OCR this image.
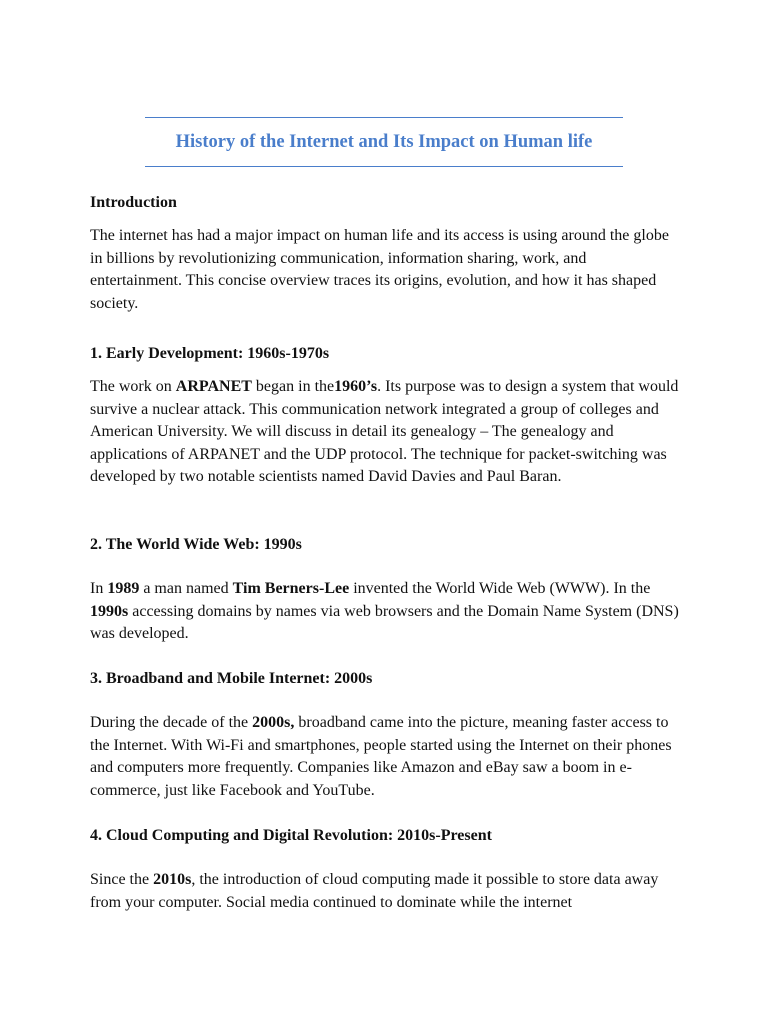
History of the Internet and Its Impact on Human life
Introduction

The internet has had a major impact on human life and its access is using around the globe in billions by revolutionizing communication, information sharing, work, and entertainment. This concise overview traces its origins, evolution, and how it has shaped society.

1. Early Development: 1960s-1970s

The work on ARPANET began in the1960’s. Its purpose was to design a system that would survive a nuclear attack. This communication network integrated a group of colleges and American University. We will discuss in detail its genealogy – The genealogy and applications of ARPANET and the UDP protocol. The technique for packet-switching was developed by two notable scientists named David Davies and Paul Baran.

2. The World Wide Web: 1990s

In 1989 a man named Tim Berners-Lee invented the World Wide Web (WWW). In the 1990s accessing domains by names via web browsers and the Domain Name System (DNS) was developed.

3. Broadband and Mobile Internet: 2000s

During the decade of the 2000s, broadband came into the picture, meaning faster access to the Internet. With Wi-Fi and smartphones, people started using the Internet on their phones and computers more frequently. Companies like Amazon and eBay saw a boom in e-commerce, just like Facebook and YouTube.

4. Cloud Computing and Digital Revolution: 2010s-Present

Since the 2010s, the introduction of cloud computing made it possible to store data away from your computer. Social media continued to dominate while the internet
